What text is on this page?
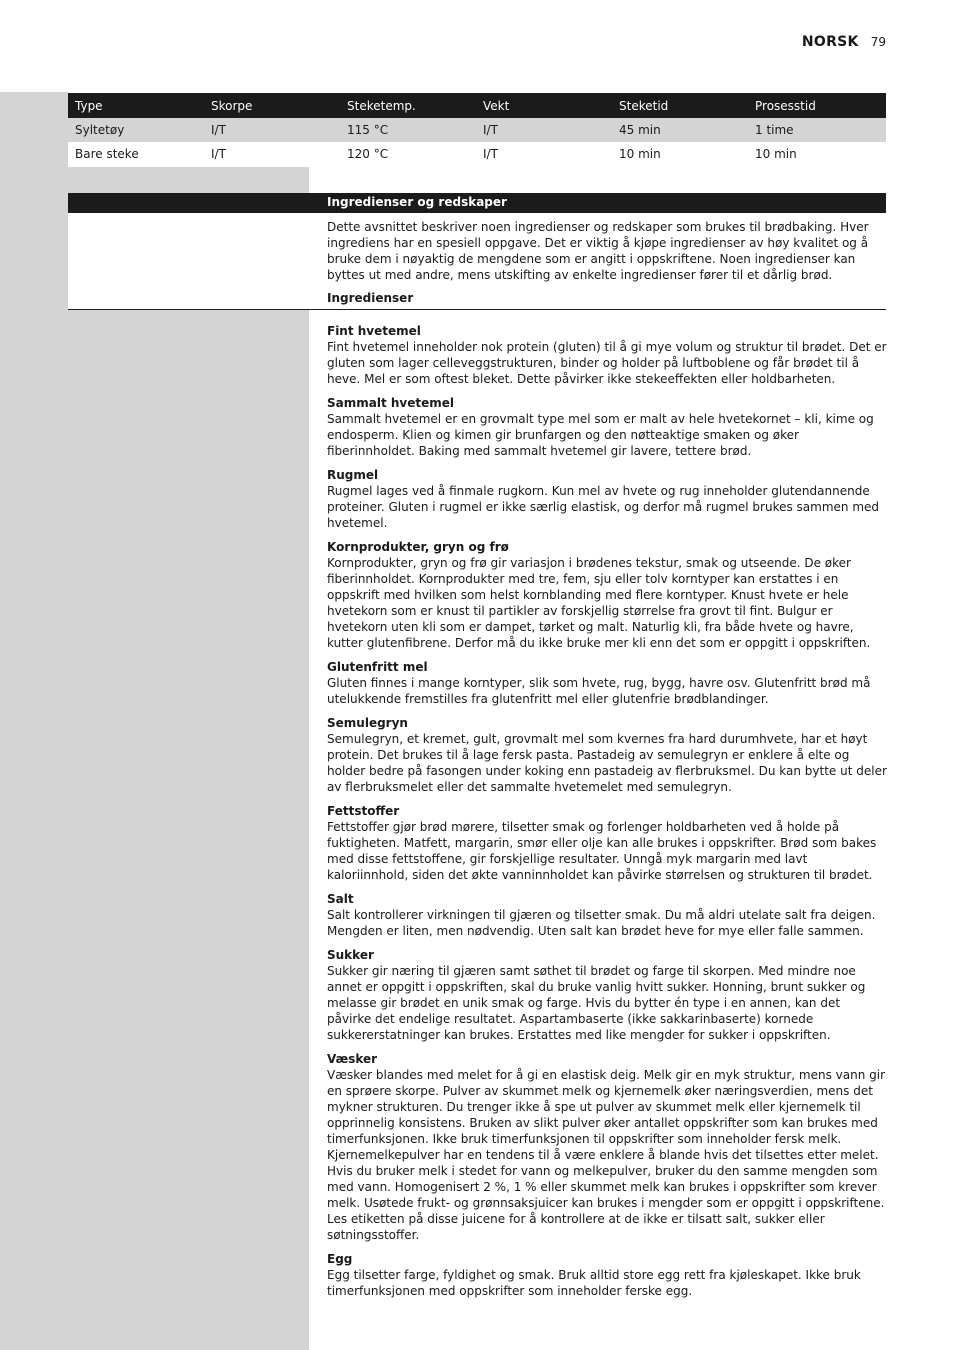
NORSK 79
Type	Skorpe	Steketemp.	Vekt	Steketid	Prosesstid
Syltetøy	I/T	115 °C	I/T	45 min	1 time
Bare steke	I/T	120 °C	I/T	10 min	10 min
Ingredienser og redskaper

Dette avsnittet beskriver noen ingredienser og redskaper som brukes til brødbaking. Hver ingrediens har en spesiell oppgave. Det er viktig å kjøpe ingredienser av høy kvalitet og å bruke dem i nøyaktig de mengdene som er angitt i oppskriftene. Noen ingredienser kan byttes ut med andre, mens utskifting av enkelte ingredienser fører til et dårlig brød.

Ingredienser
Fint hvetemel

Fint hvetemel inneholder nok protein (gluten) til å gi mye volum og struktur til brødet. Det er gluten som lager celleveggstrukturen, binder og holder på luftboblene og får brødet til å heve. Mel er som oftest bleket. Dette påvirker ikke stekeeffekten eller holdbarheten.

Sammalt hvetemel

Sammalt hvetemel er en grovmalt type mel som er malt av hele hvetekornet – kli, kime og endosperm. Klien og kimen gir brunfargen og den nøtteaktige smaken og øker fiberinnholdet. Baking med sammalt hvetemel gir lavere, tettere brød.

Rugmel

Rugmel lages ved å finmale rugkorn. Kun mel av hvete og rug inneholder glutendannende proteiner. Gluten i rugmel er ikke særlig elastisk, og derfor må rugmel brukes sammen med hvetemel.

Kornprodukter, gryn og frø

Kornprodukter, gryn og frø gir variasjon i brødenes tekstur, smak og utseende. De øker fiberinnholdet. Kornprodukter med tre, fem, sju eller tolv korntyper kan erstattes i en oppskrift med hvilken som helst kornblanding med flere korntyper. Knust hvete er hele hvetekorn som er knust til partikler av forskjellig størrelse fra grovt til fint. Bulgur er hvetekorn uten kli som er dampet, tørket og malt. Naturlig kli, fra både hvete og havre, kutter glutenfibrene. Derfor må du ikke bruke mer kli enn det som er oppgitt i oppskriften.

Glutenfritt mel

Gluten finnes i mange korntyper, slik som hvete, rug, bygg, havre osv. Glutenfritt brød må utelukkende fremstilles fra glutenfritt mel eller glutenfrie brødblandinger.

Semulegryn

Semulegryn, et kremet, gult, grovmalt mel som kvernes fra hard durumhvete, har et høyt protein. Det brukes til å lage fersk pasta. Pastadeig av semulegryn er enklere å elte og holder bedre på fasongen under koking enn pastadeig av flerbruksmel. Du kan bytte ut deler av flerbruksmelet eller det sammalte hvetemelet med semulegryn.

Fettstoffer

Fettstoffer gjør brød mørere, tilsetter smak og forlenger holdbarheten ved å holde på fuktigheten. Matfett, margarin, smør eller olje kan alle brukes i oppskrifter. Brød som bakes med disse fettstoffene, gir forskjellige resultater. Unngå myk margarin med lavt kaloriinnhold, siden det økte vanninnholdet kan påvirke størrelsen og strukturen til brødet.

Salt

Salt kontrollerer virkningen til gjæren og tilsetter smak. Du må aldri utelate salt fra deigen. Mengden er liten, men nødvendig. Uten salt kan brødet heve for mye eller falle sammen.

Sukker

Sukker gir næring til gjæren samt søthet til brødet og farge til skorpen. Med mindre noe annet er oppgitt i oppskriften, skal du bruke vanlig hvitt sukker. Honning, brunt sukker og melasse gir brødet en unik smak og farge. Hvis du bytter én type i en annen, kan det påvirke det endelige resultatet. Aspartambaserte (ikke sakkarinbaserte) kornede sukkererstatninger kan brukes. Erstattes med like mengder for sukker i oppskriften.

Væsker

Væsker blandes med melet for å gi en elastisk deig. Melk gir en myk struktur, mens vann gir en sprøere skorpe. Pulver av skummet melk og kjernemelk øker næringsverdien, mens det mykner strukturen. Du trenger ikke å spe ut pulver av skummet melk eller kjernemelk til opprinnelig konsistens. Bruken av slikt pulver øker antallet oppskrifter som kan brukes med timerfunksjonen. Ikke bruk timerfunksjonen til oppskrifter som inneholder fersk melk. Kjernemelkepulver har en tendens til å være enklere å blande hvis det tilsettes etter melet.

Hvis du bruker melk i stedet for vann og melkepulver, bruker du den samme mengden som med vann. Homogenisert 2 %, 1 % eller skummet melk kan brukes i oppskrifter som krever melk. Usøtede frukt- og grønnsaksjuicer kan brukes i mengder som er oppgitt i oppskriftene. Les etiketten på disse juicene for å kontrollere at de ikke er tilsatt salt, sukker eller søtningsstoffer.

Egg

Egg tilsetter farge, fyldighet og smak. Bruk alltid store egg rett fra kjøleskapet. Ikke bruk timerfunksjonen med oppskrifter som inneholder ferske egg.
